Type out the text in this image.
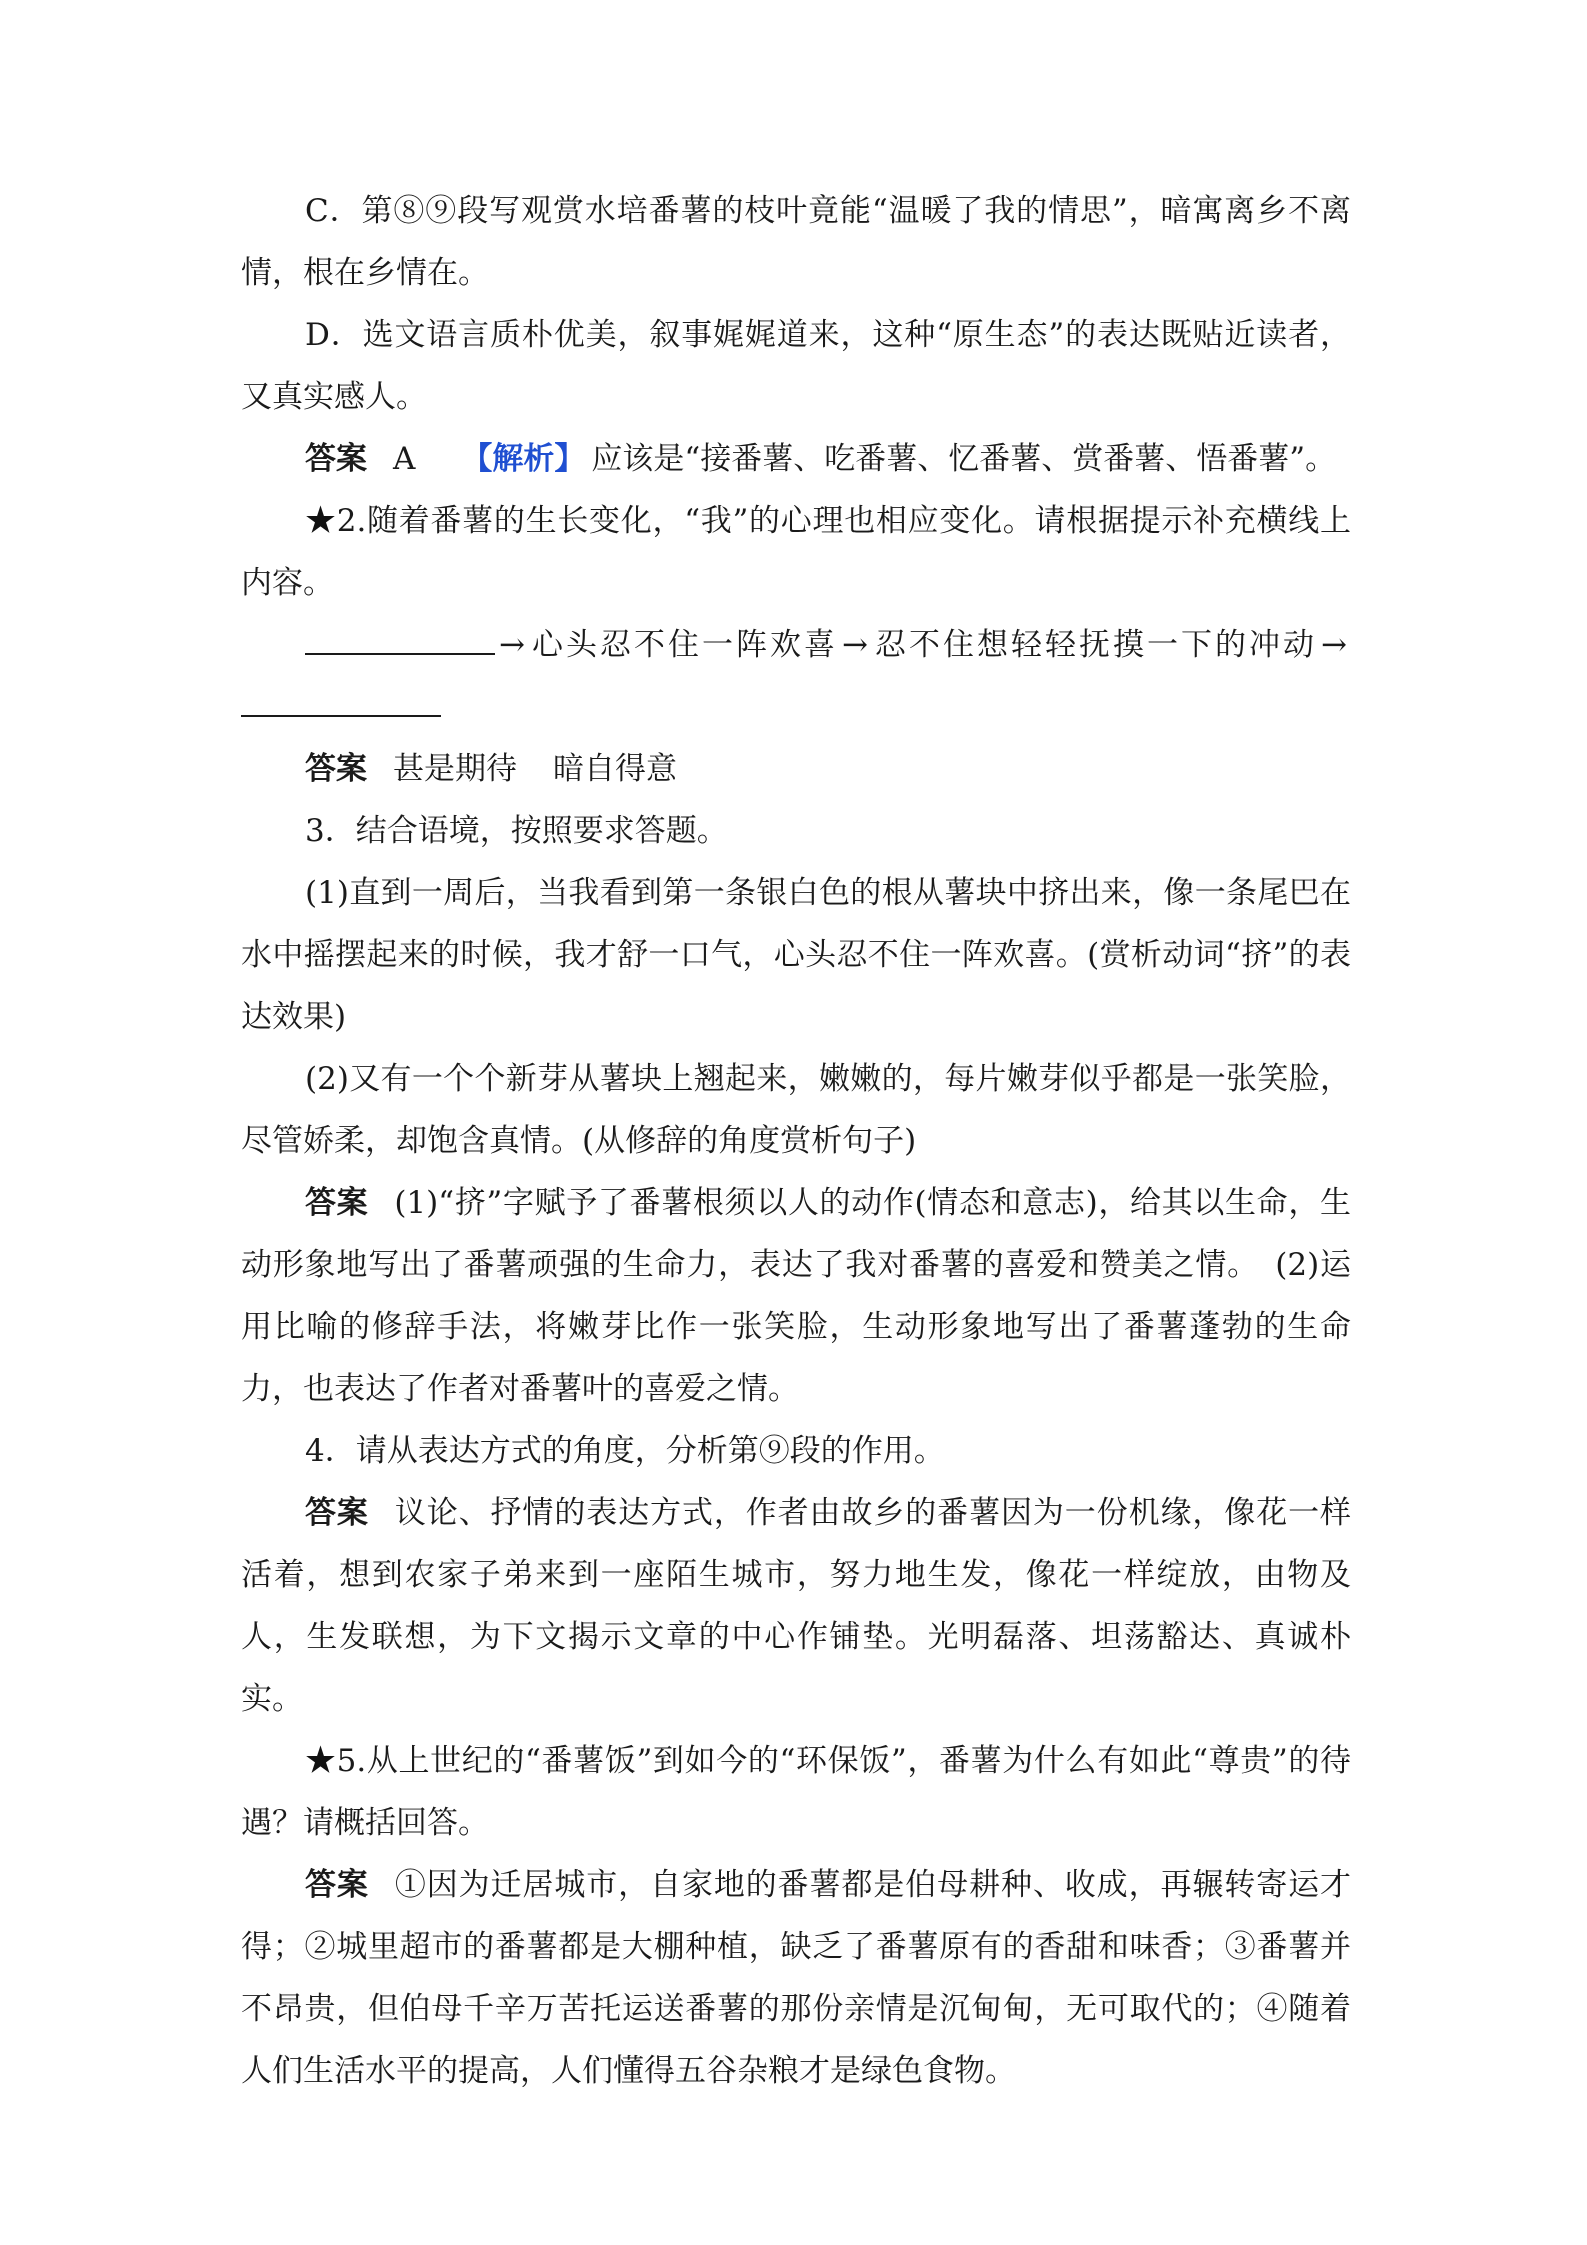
C．第⑧⑨段写观赏水培番薯的枝叶竟能“温暖了我的情思”，暗寓离乡不离情，根在乡情在。

D．选文语言质朴优美，叙事娓娓道来，这种“原生态”的表达既贴近读者，又真实感人。

答案 A 【解析】 应该是“接番薯、吃番薯、忆番薯、赏番薯、悟番薯”。

★2.随着番薯的生长变化，“我”的心理也相应变化。请根据提示补充横线上内容。

→ 心头忍不住一阵欢喜 → 忍不住想轻轻抚摸一下的冲动 →

答案 甚是期待 暗自得意

3．结合语境，按照要求答题。

(1)直到一周后，当我看到第一条银白色的根从薯块中挤出来，像一条尾巴在水中摇摆起来的时候，我才舒一口气，心头忍不住一阵欢喜。(赏析动词“挤”的表达效果)

(2)又有一个个新芽从薯块上翘起来，嫩嫩的，每片嫩芽似乎都是一张笑脸，尽管娇柔，却饱含真情。(从修辞的角度赏析句子)

答案 (1)“挤”字赋予了番薯根须以人的动作(情态和意志)，给其以生命，生动形象地写出了番薯顽强的生命力，表达了我对番薯的喜爱和赞美之情。　(2)运用比喻的修辞手法，将嫩芽比作一张笑脸，生动形象地写出了番薯蓬勃的生命力，也表达了作者对番薯叶的喜爱之情。

4．请从表达方式的角度，分析第⑨段的作用。

答案 议论、抒情的表达方式，作者由故乡的番薯因为一份机缘，像花一样活着，想到农家子弟来到一座陌生城市，努力地生发，像花一样绽放，由物及人，生发联想，为下文揭示文章的中心作铺垫。光明磊落、坦荡豁达、真诚朴实。

★5.从上世纪的“番薯饭”到如今的“环保饭”，番薯为什么有如此“尊贵”的待遇？请概括回答。

答案 ①因为迁居城市，自家地的番薯都是伯母耕种、收成，再辗转寄运才得；②城里超市的番薯都是大棚种植，缺乏了番薯原有的香甜和味香；③番薯并不昂贵，但伯母千辛万苦托运送番薯的那份亲情是沉甸甸，无可取代的；④随着人们生活水平的提高，人们懂得五谷杂粮才是绿色食物。
